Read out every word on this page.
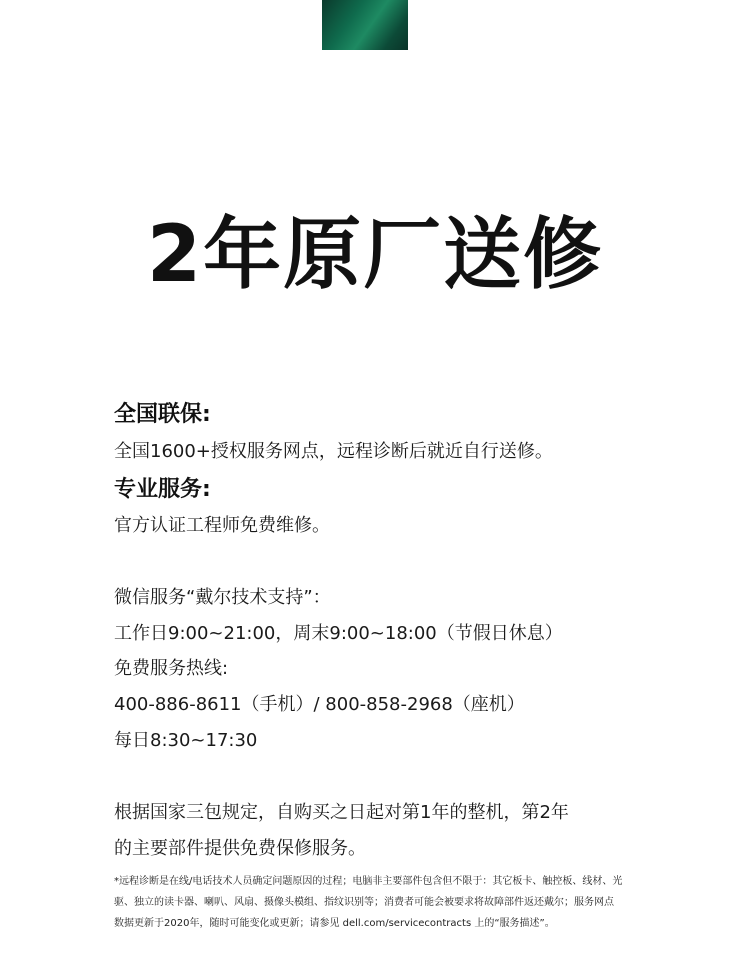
2年原厂送修
全国联保:
全国1600+授权服务网点，远程诊断后就近自行送修。
专业服务:
官方认证工程师免费维修。
微信服务“戴尔技术支持”：
工作日9:00~21:00，周末9:00~18:00（节假日休息）
免费服务热线:
400-886-8611（手机）/ 800-858-2968（座机）
每日8:30~17:30
根据国家三包规定，自购买之日起对第1年的整机，第2年
的主要部件提供免费保修服务。
*远程诊断是在线/电话技术人员确定问题原因的过程；电脑非主要部件包含但不限于：其它板卡、触控板、线材、光
驱、独立的读卡器、喇叭、风扇、摄像头模组、指纹识别等；消费者可能会被要求将故障部件返还戴尔；服务网点
数据更新于2020年，随时可能变化或更新；请参见 dell.com/servicecontracts 上的“服务描述”。
